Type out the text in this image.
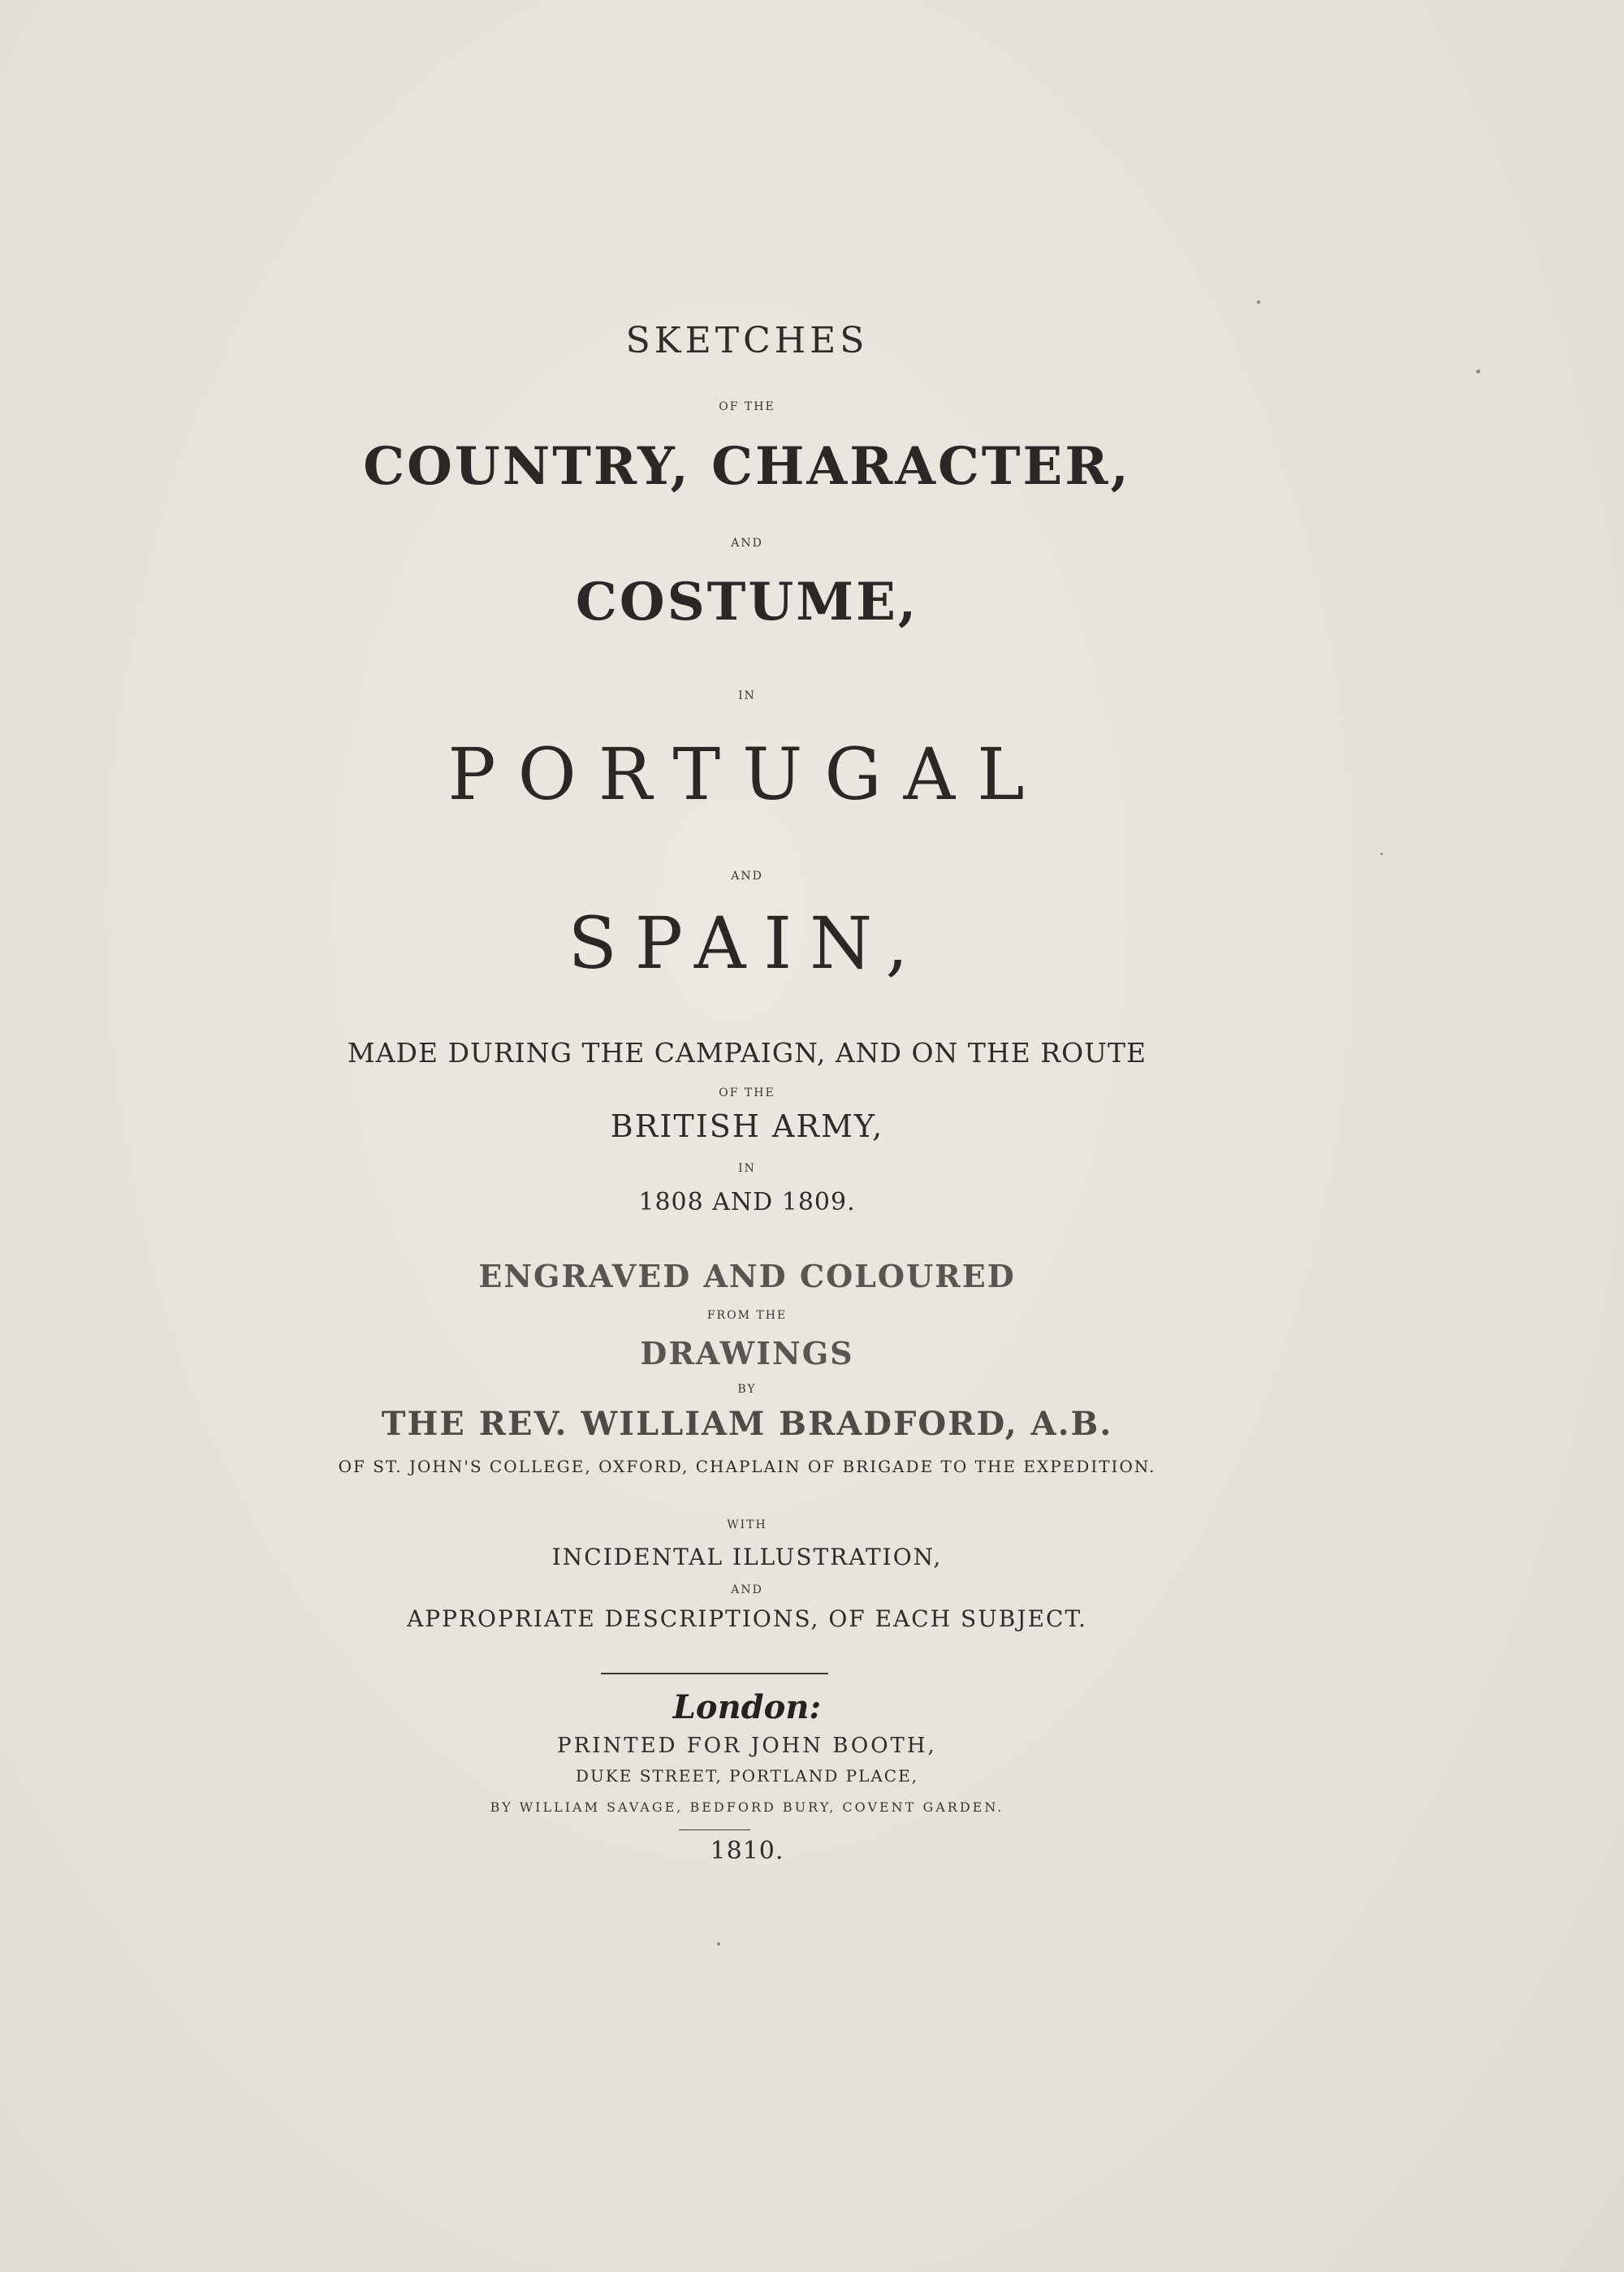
SKETCHES
OF THE
COUNTRY, CHARACTER,
AND
COSTUME,
IN
PORTUGAL
AND
SPAIN,
MADE DURING THE CAMPAIGN, AND ON THE ROUTE
OF THE
BRITISH ARMY,
IN
1808 AND 1809.
ENGRAVED AND COLOURED
FROM THE
DRAWINGS
BY
THE REV. WILLIAM BRADFORD, A.B.
OF ST. JOHN'S COLLEGE, OXFORD, CHAPLAIN OF BRIGADE TO THE EXPEDITION.
WITH
INCIDENTAL ILLUSTRATION,
AND
APPROPRIATE DESCRIPTIONS, OF EACH SUBJECT.
London:
PRINTED FOR JOHN BOOTH,
DUKE STREET, PORTLAND PLACE,
BY WILLIAM SAVAGE, BEDFORD BURY, COVENT GARDEN.
1810.
